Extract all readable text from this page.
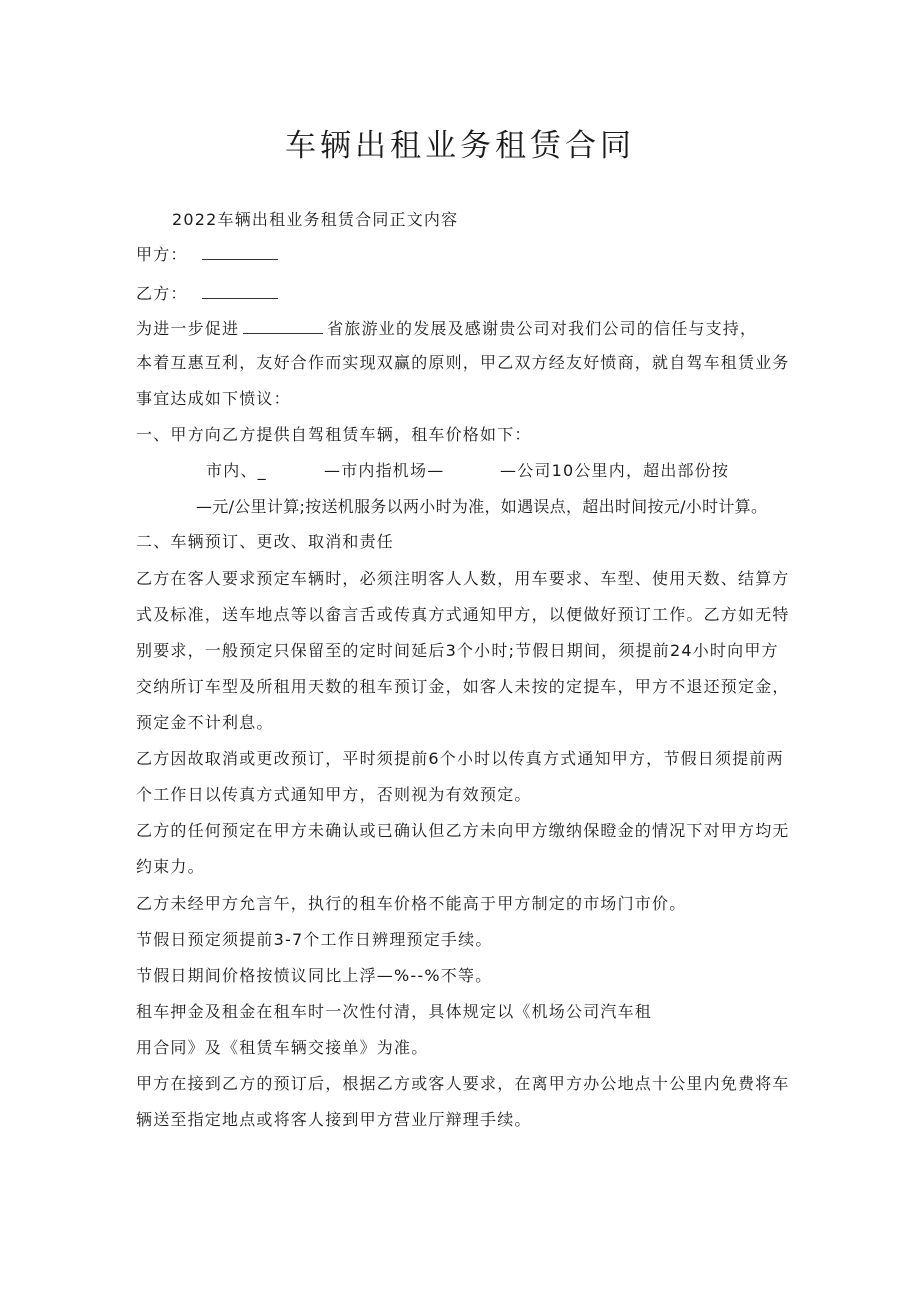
车辆出租业务租赁合同
2022车辆出租业务租赁合同正文内容
甲方：
乙方：
为进一步促进	省旅游业的发展及感谢贵公司对我们公司的信任与支持，
本着互惠互利，友好合作而实现双赢的原则，甲乙双方经友好愤商，就自驾车租赁业务
事宜达成如下愤议：
一、甲方向乙方提供自驾租赁车辆，租车价格如下：
市内、_	—市内指机场—	—公司10公里内，超出部份按
—元/公里计算;按送机服务以两小时为准，如遇误点，超出时间按元/小时计算。
二、车辆预订、更改、取消和责任
乙方在客人要求预定车辆时，必须注明客人人数，用车要求、车型、使用天数、结算方
式及标准，送车地点等以畲言舌或传真方式通知甲方，以便做好预订工作。乙方如无特
别要求，一般预定只保留至的定时间延后3个小时;节假日期间，须提前24小时向甲方
交纳所订车型及所租用天数的租车预订金，如客人未按的定提车，甲方不退还预定金，
预定金不计利息。
乙方因故取消或更改预订，平时须提前6个小时以传真方式通知甲方，节假日须提前两
个工作日以传真方式通知甲方，否则视为有效预定。
乙方的任何预定在甲方未确认或已确认但乙方未向甲方缴纳保瞪金的情况下对甲方均无
约束力。
乙方未经甲方允言午，执行的租车价格不能高于甲方制定的市场门市价。
节假日预定须提前3-7个工作日辨理预定手续。
节假日期间价格按愤议同比上浮—%--%不等。
租车押金及租金在租车时一次性付清，具体规定以《机场公司汽车租
用合同》及《租赁车辆交接单》为准。
甲方在接到乙方的预订后，根据乙方或客人要求，在离甲方办公地点十公里内免费将车
辆送至指定地点或将客人接到甲方营业厅辩理手续。
